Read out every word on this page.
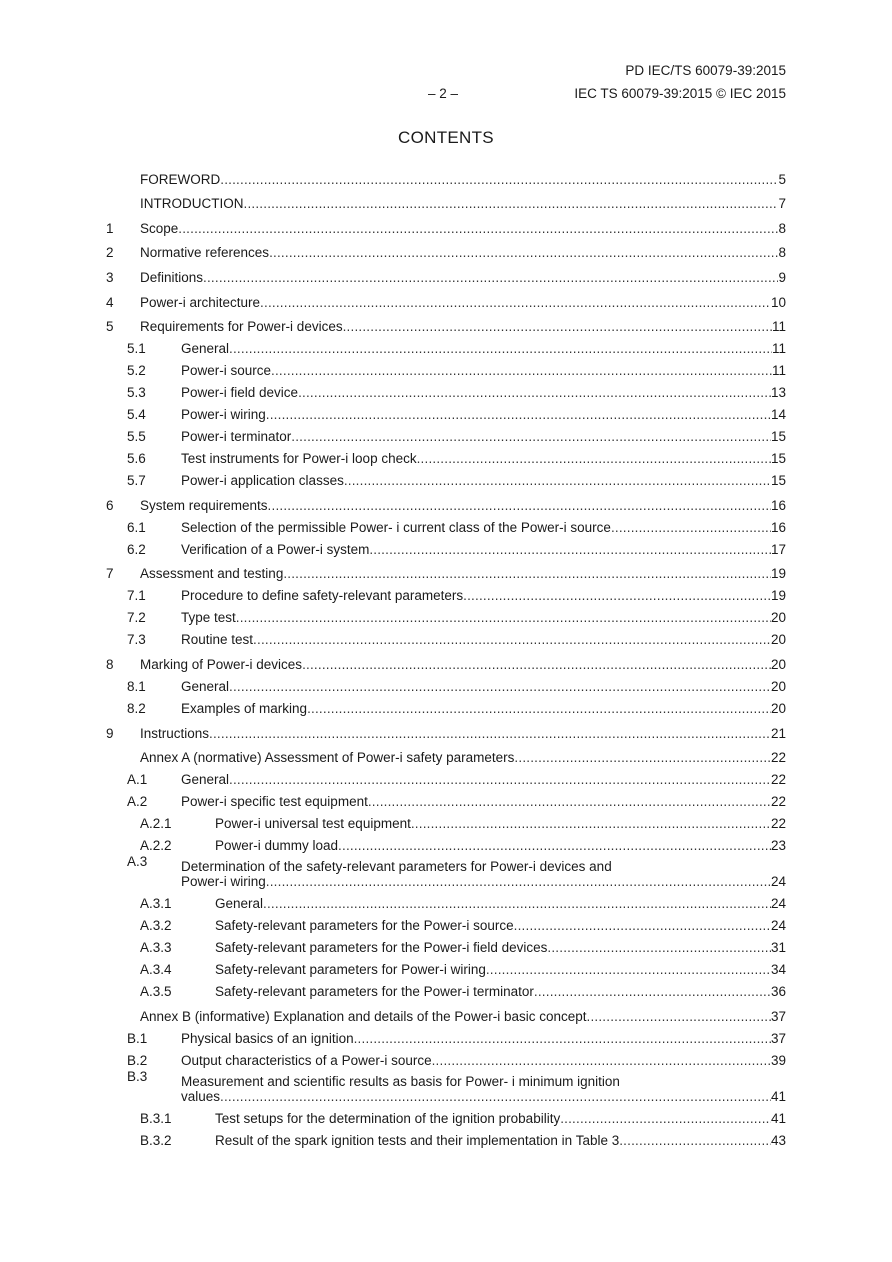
PD IEC/TS 60079-39:2015
– 2 –	IEC TS 60079-39:2015 © IEC 2015
CONTENTS
FOREWORD .....	5
INTRODUCTION .....	7
1	Scope .....	8
2	Normative references .....	8
3	Definitions .....	9
4	Power-i architecture .....	10
5	Requirements for Power-i devices .....	11
5.1	General .....	11
5.2	Power-i source .....	11
5.3	Power-i field device .....	13
5.4	Power-i wiring .....	14
5.5	Power-i terminator .....	15
5.6	Test instruments for Power-i loop check .....	15
5.7	Power-i application classes .....	15
6	System requirements .....	16
6.1	Selection of the permissible Power- i current class of the Power-i source .....	16
6.2	Verification of a Power-i system .....	17
7	Assessment and testing .....	19
7.1	Procedure to define safety-relevant parameters .....	19
7.2	Type test .....	20
7.3	Routine test .....	20
8	Marking of Power-i devices .....	20
8.1	General .....	20
8.2	Examples of marking .....	20
9	Instructions .....	21
Annex A (normative) Assessment of Power-i safety parameters .....	22
A.1	General .....	22
A.2	Power-i specific test equipment .....	22
A.2.1	Power-i universal test equipment .....	22
A.2.2	Power-i dummy load .....	23
A.3	Determination of the safety-relevant parameters for Power-i devices and
Power-i wiring .....	24
A.3.1	General .....	24
A.3.2	Safety-relevant parameters for the Power-i source .....	24
A.3.3	Safety-relevant parameters for the Power-i field devices .....	31
A.3.4	Safety-relevant parameters for Power-i wiring .....	34
A.3.5	Safety-relevant parameters for the Power-i terminator .....	36
Annex B (informative) Explanation and details of the Power-i basic concept .....	37
B.1	Physical basics of an ignition .....	37
B.2	Output characteristics of a Power-i source .....	39
B.3	Measurement and scientific results as basis for Power- i minimum ignition
values .....	41
B.3.1	Test setups for the determination of the ignition probability .....	41
B.3.2	Result of the spark ignition tests and their implementation in Table 3 .....	43
